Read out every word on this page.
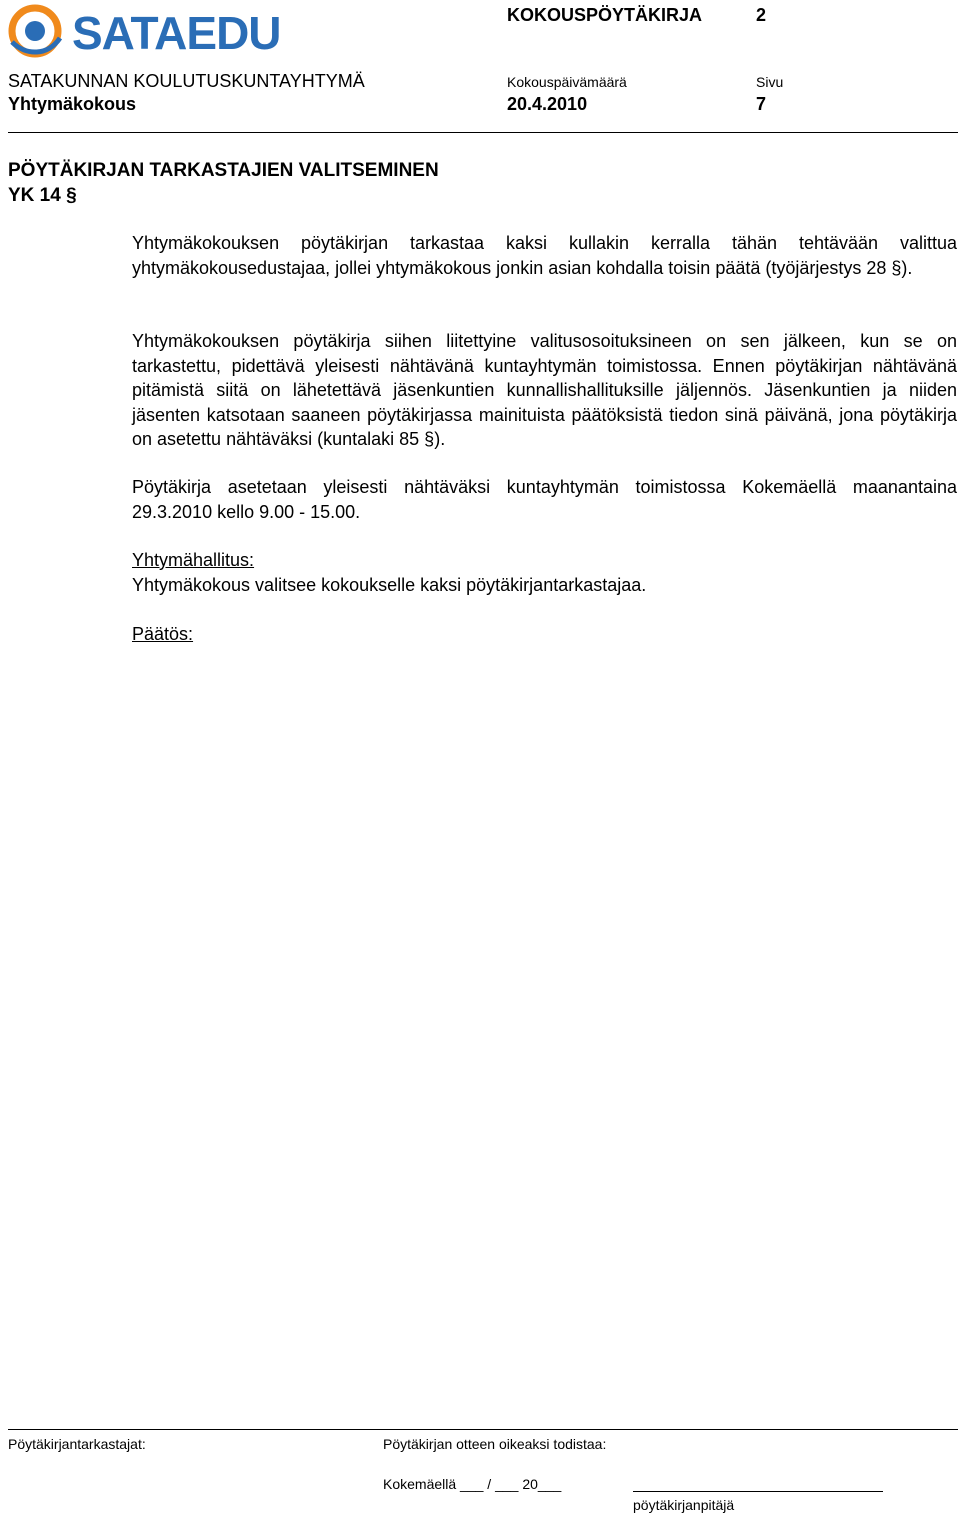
SATAEDU	KOKOUSPÖYTÄKIRJA	2
SATAKUNNAN KOULUTUSKUNTAYHTYMÄ	Kokouspäivämäärä	Sivu
Yhtymäkokous	20.4.2010	7
PÖYTÄKIRJAN TARKASTAJIEN VALITSEMINEN
YK 14 §

Yhtymäkokouksen pöytäkirjan tarkastaa kaksi kullakin kerralla tähän tehtävään valittua yhtymäkokousedustajaa, jollei yhtymäkokous jonkin asian kohdalla toisin päätä (työjärjestys 28 §).

Yhtymäkokouksen pöytäkirja siihen liitettyine valitusosoituksineen on sen jälkeen, kun se on tarkastettu, pidettävä yleisesti nähtävänä kuntayhtymän toimistossa. Ennen pöytäkirjan nähtävänä pitämistä siitä on lähetettävä jäsenkuntien kunnallishallituksille jäljennös. Jäsenkuntien ja niiden jäsenten katsotaan saaneen pöytäkirjassa mainituista päätöksistä tiedon sinä päivänä, jona pöytäkirja on asetettu nähtäväksi (kuntalaki 85 §).

Pöytäkirja asetetaan yleisesti nähtäväksi kuntayhtymän toimistossa Kokemäellä maanantaina 29.3.2010 kello 9.00 - 15.00.

Yhtymähallitus:
Yhtymäkokous valitsee kokoukselle kaksi pöytäkirjantarkastajaa.
Päätös:
Pöytäkirjantarkastajat:	Pöytäkirjan otteen oikeaksi todistaa:
Kokemäellä ___ / ___ 20___
pöytäkirjanpitäjä
